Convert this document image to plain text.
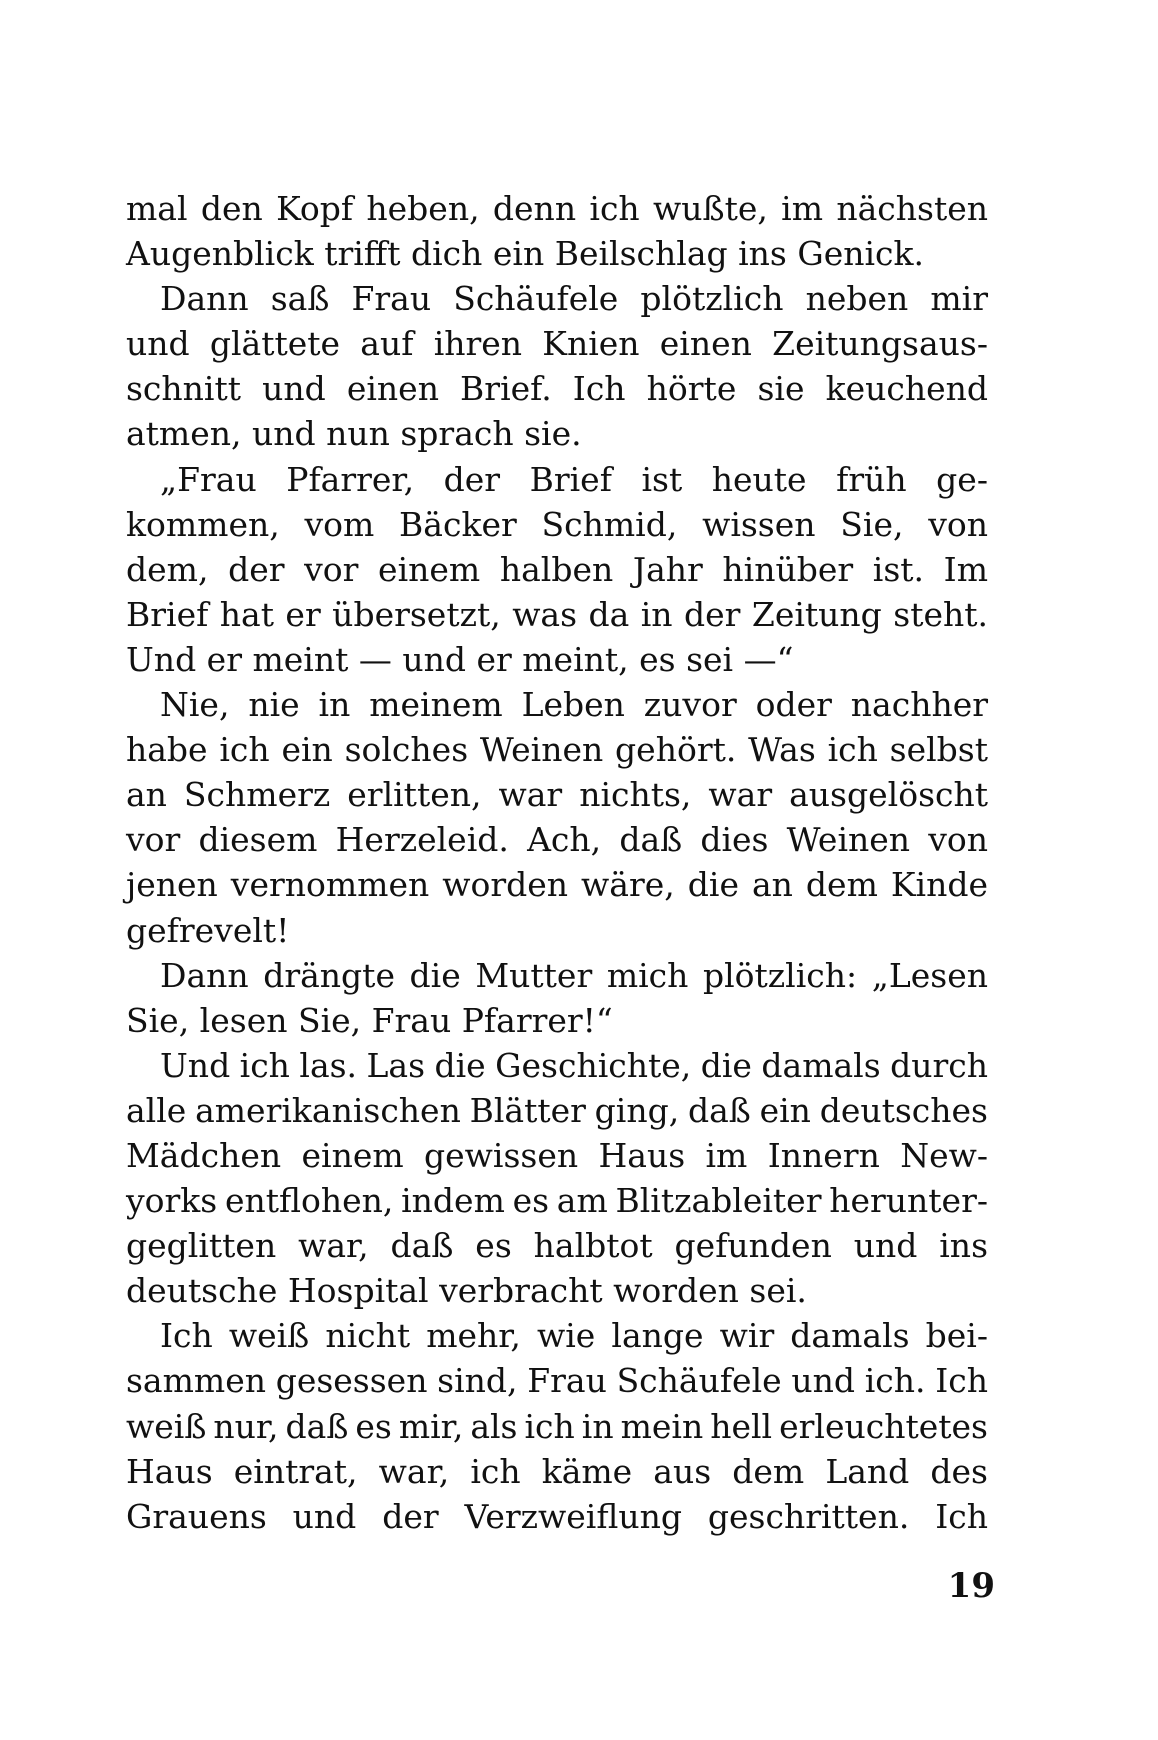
mal den Kopf heben, denn ich wußte, im nächsten
Augenblick trifft dich ein Beilschlag ins Genick.
Dann saß Frau Schäufele plötzlich neben mir
und glättete auf ihren Knien einen Zeitungsaus-
schnitt und einen Brief. Ich hörte sie keuchend
atmen, und nun sprach sie.
„Frau Pfarrer, der Brief ist heute früh ge-
kommen, vom Bäcker Schmid, wissen Sie, von
dem, der vor einem halben Jahr hinüber ist. Im
Brief hat er übersetzt, was da in der Zeitung steht.
Und er meint — und er meint, es sei —“
Nie, nie in meinem Leben zuvor oder nachher
habe ich ein solches Weinen gehört. Was ich selbst
an Schmerz erlitten, war nichts, war ausgelöscht
vor diesem Herzeleid. Ach, daß dies Weinen von
jenen vernommen worden wäre, die an dem Kinde
gefrevelt!
Dann drängte die Mutter mich plötzlich: „Lesen
Sie, lesen Sie, Frau Pfarrer!“
Und ich las. Las die Geschichte, die damals durch
alle amerikanischen Blätter ging, daß ein deutsches
Mädchen einem gewissen Haus im Innern New-
yorks entflohen, indem es am Blitzableiter herunter-
geglitten war, daß es halbtot gefunden und ins
deutsche Hospital verbracht worden sei.
Ich weiß nicht mehr, wie lange wir damals bei-
sammen gesessen sind, Frau Schäufele und ich. Ich
weiß nur, daß es mir, als ich in mein hell erleuchtetes
Haus eintrat, war, ich käme aus dem Land des
Grauens und der Verzweiflung geschritten. Ich
19
